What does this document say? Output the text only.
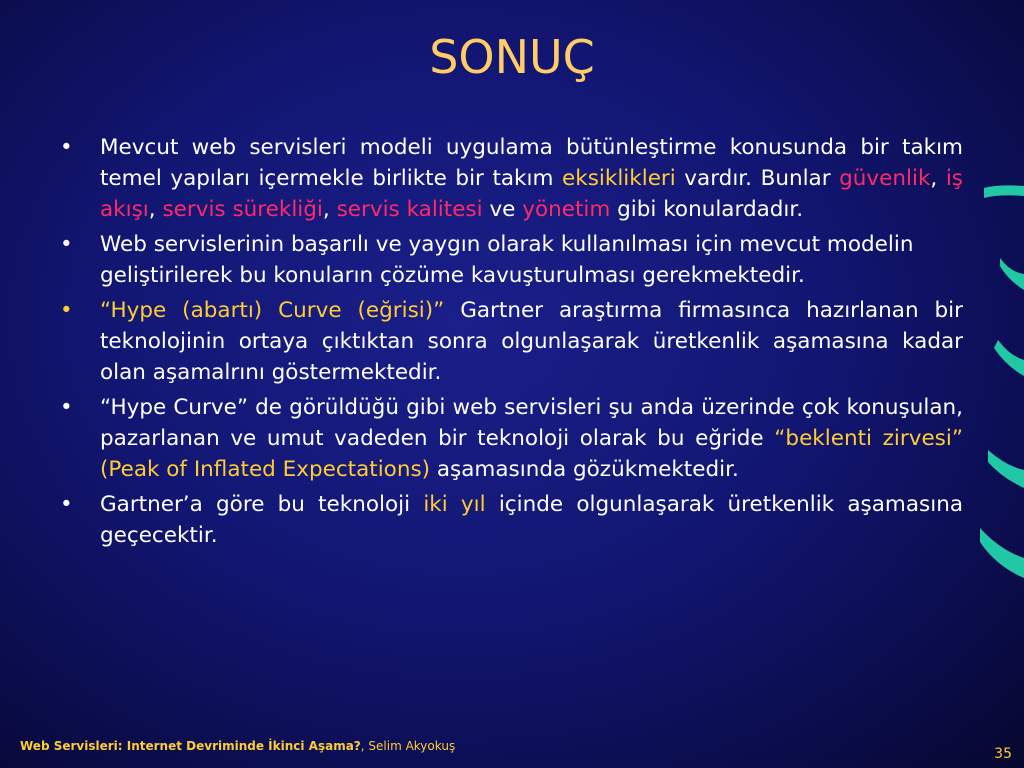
SONUÇ
• Mevcut web servisleri modeli uygulama bütünleştirme konusunda bir takım temel yapıları içermekle birlikte bir takım eksiklikleri vardır. Bunlar güvenlik, iş akışı, servis sürekliği, servis kalitesi ve yönetim gibi konulardadır.
• Web servislerinin başarılı ve yaygın olarak kullanılması için mevcut modelin geliştirilerek bu konuların çözüme kavuşturulması gerekmektedir.
• “Hype (abartı) Curve (eğrisi)” Gartner araştırma firmasınca hazırlanan bir teknolojinin ortaya çıktıktan sonra olgunlaşarak üretkenlik aşamasına kadar olan aşamalrını göstermektedir.
• “Hype Curve” de görüldüğü gibi web servisleri şu anda üzerinde çok konuşulan, pazarlanan ve umut vadeden bir teknoloji olarak bu eğride “beklenti zirvesi” (Peak of Inflated Expectations) aşamasında gözükmektedir.
• Gartner’a göre bu teknoloji iki yıl içinde olgunlaşarak üretkenlik aşamasına geçecektir.
Web Servisleri: Internet Devriminde İkinci Aşama?, Selim Akyokuş	35
